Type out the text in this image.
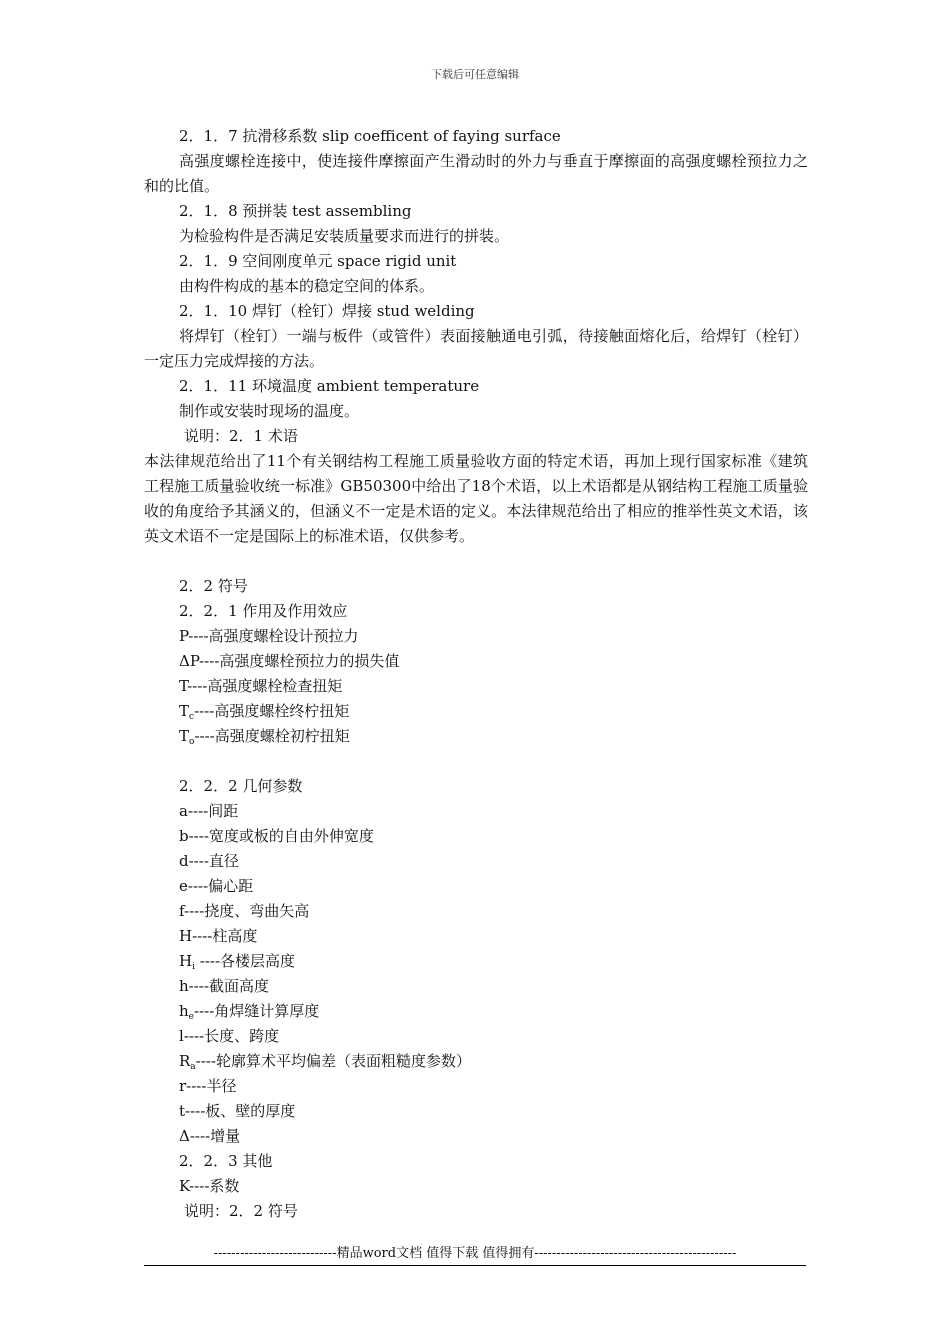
下载后可任意编辑

2．1．7 抗滑移系数 slip coefficent of faying surface

高强度螺栓连接中，使连接件摩擦面产生滑动时的外力与垂直于摩擦面的高强度螺栓预拉力之和的比值。

2．1．8 预拼装 test assembling

为检验构件是否满足安装质量要求而进行的拼装。

2．1．9 空间刚度单元 space rigid unit

由构件构成的基本的稳定空间的体系。

2．1．10 焊钉（栓钉）焊接 stud welding

将焊钉（栓钉）一端与板件（或管件）表面接触通电引弧，待接触面熔化后，给焊钉（栓钉）一定压力完成焊接的方法。

2．1．11 环境温度 ambient temperature

制作或安装时现场的温度。

说明：2．1 术语

本法律规范给出了11个有关钢结构工程施工质量验收方面的特定术语，再加上现行国家标准《建筑工程施工质量验收统一标准》GB50300中给出了18个术语，以上术语都是从钢结构工程施工质量验收的角度给予其涵义的，但涵义不一定是术语的定义。本法律规范给出了相应的推举性英文术语，该英文术语不一定是国际上的标准术语，仅供参考。

2．2 符号

2．2．1 作用及作用效应

P----高强度螺栓设计预拉力

ΔP----高强度螺栓预拉力的损失值

T----高强度螺栓检查扭矩

$T_c----$高强度螺栓终柠扭矩

$T_o----$高强度螺栓初柠扭矩

2．2．2 几何参数

a----间距

b----宽度或板的自由外伸宽度

d----直径

e----偏心距

f----挠度、弯曲矢高

H----柱高度

$H_i$ ----各楼层高度

h----截面高度

$h_e----$角焊缝计算厚度

l----长度、跨度

$R_a----$轮廓算术平均偏差（表面粗糙度参数）

r----半径

t----板、壁的厚度

Δ----增量

2．2．3 其他

K----系数

说明：2．2 符号

----------------------------精品word文档 值得下载 值得拥有----------------------------------------------
